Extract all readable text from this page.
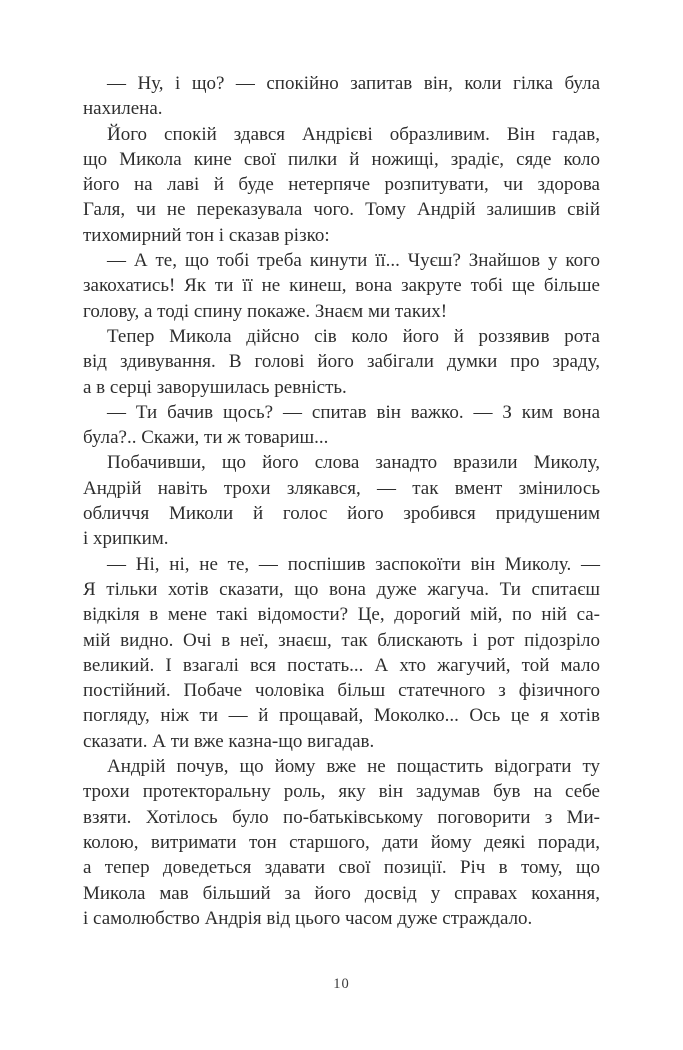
— Ну, і що? — спокійно запитав він, коли гілка була
нахилена.
Його спокій здався Андрієві образливим. Він гадав,
що Микола кине свої пилки й ножищі, зрадіє, сяде коло
його на лаві й буде нетерпяче розпитувати, чи здорова
Галя, чи не переказувала чого. Тому Андрій залишив свій
тихомирний тон і сказав різко:
— А те, що тобі треба кинути її... Чуєш? Знайшов у кого
закохатись! Як ти її не кинеш, вона закруте тобі ще більше
голову, а тоді спину покаже. Знаєм ми таких!
Тепер Микола дійсно сів коло його й роззявив рота
від здивування. В голові його забігали думки про зраду,
а в серці заворушилась ревність.
— Ти бачив щось? — спитав він важко. — З ким вона
була?.. Скажи, ти ж товариш...
Побачивши, що його слова занадто вразили Миколу,
Андрій навіть трохи злякався, — так вмент змінилось
обличчя Миколи й голос його зробився придушеним
і хрипким.
— Ні, ні, не те, — поспішив заспокоїти він Миколу. —
Я тільки хотів сказати, що вона дуже жагуча. Ти спитаєш
відкіля в мене такі відомости? Це, дорогий мій, по ній са-
мій видно. Очі в неї, знаєш, так блискають і рот підозріло
великий. І взагалі вся постать... А хто жагучий, той мало
постійний. Побаче чоловіка більш статечного з фізичного
погляду, ніж ти — й прощавай, Моколко... Ось це я хотів
сказати. А ти вже казна-що вигадав.
Андрій почув, що йому вже не пощастить відограти ту
трохи протекторальну роль, яку він задумав був на себе
взяти. Хотілось було по-батьківському поговорити з Ми-
колою, витримати тон старшого, дати йому деякі поради,
а тепер доведеться здавати свої позиції. Річ в тому, що
Микола мав більший за його досвід у справах кохання,
і самолюбство Андрія від цього часом дуже страждало.
10
